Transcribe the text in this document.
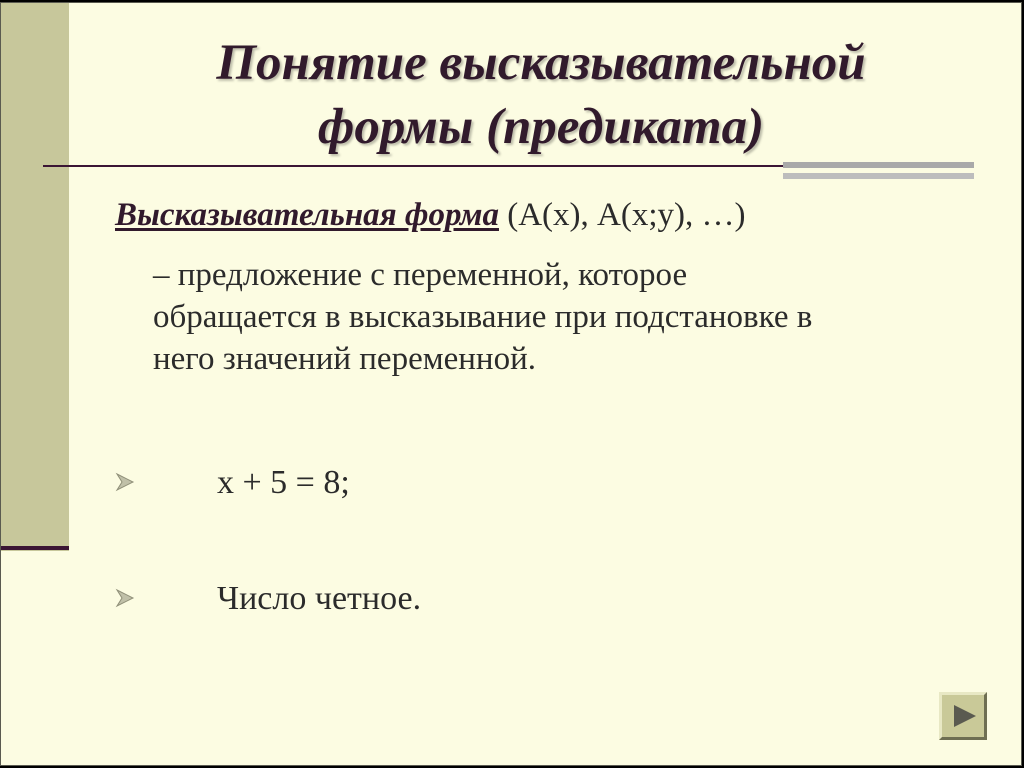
Понятие высказывательной
формы (предиката)
Высказывательная форма (А(х), А(х;у), …)
– предложение с переменной, которое
обращается в высказывание при подстановке в
него значений переменной.
х + 5 = 8;
Число четное.
